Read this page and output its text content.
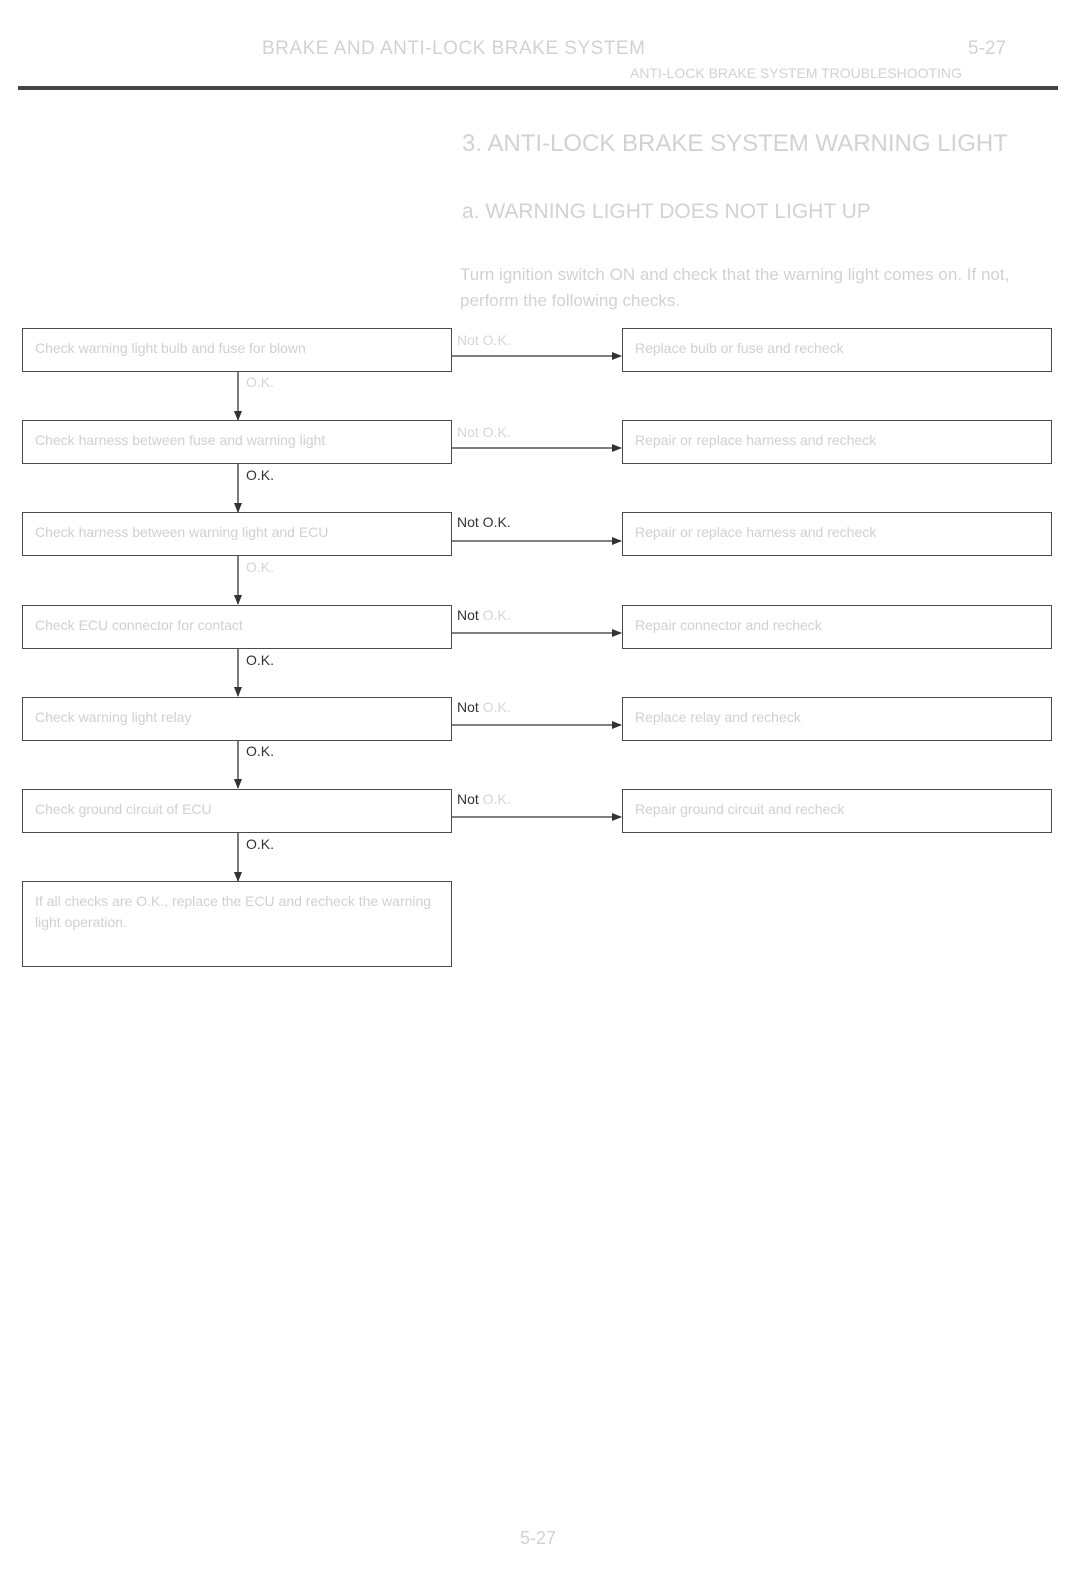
BRAKE AND ANTI-LOCK BRAKE SYSTEM	5-27
ANTI-LOCK BRAKE SYSTEM TROUBLESHOOTING
3. ANTI-LOCK BRAKE SYSTEM WARNING LIGHT
a. WARNING LIGHT DOES NOT LIGHT UP
Turn ignition switch ON and check that the warning light comes on. If not, perform the following checks.
Check warning light bulb and fuse for blown
Check harness between fuse and warning light
Check harness between warning light and ECU
Check ECU connector for contact
Check warning light relay
Check ground circuit of ECU
If all checks are O.K., replace the ECU and recheck the warning light operation.
Replace bulb or fuse and recheck
Repair or replace harness and recheck
Repair or replace harness and recheck
Repair connector and recheck
Replace relay and recheck
Repair ground circuit and recheck
O.K.
O.K.
O.K.
O.K.
O.K.
O.K.
Not O.K.
Not O.K.
Not O.K.
Not O.K.
Not O.K.
Not O.K.
5-27
